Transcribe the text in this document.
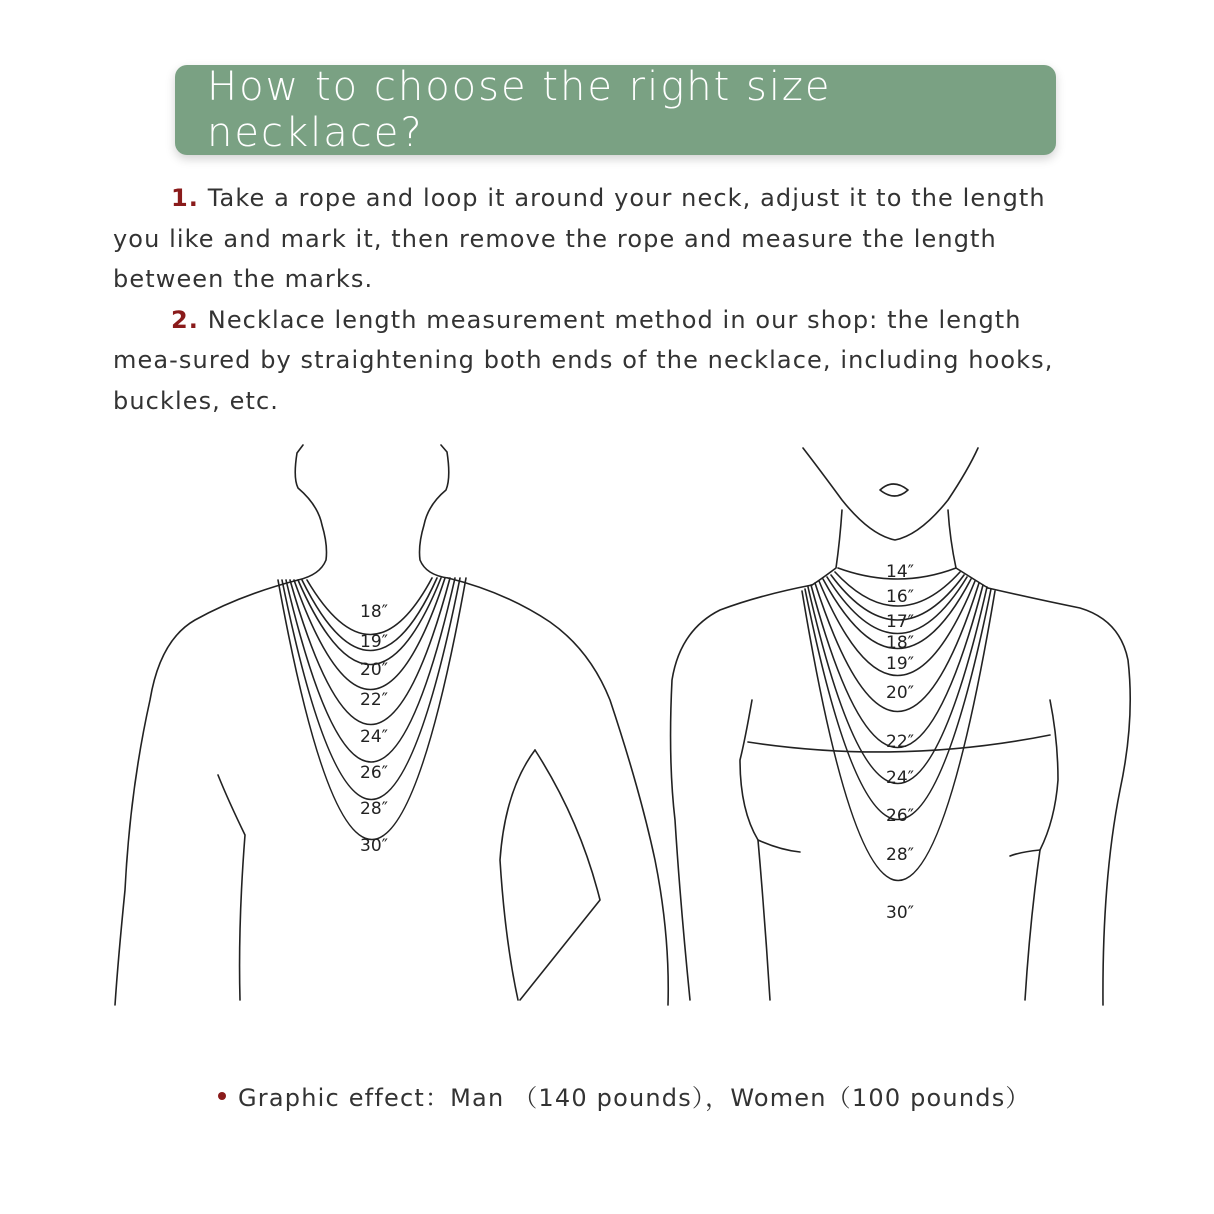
How to choose the right size necklace?

1. Take a rope and loop it around your neck, adjust it to the length you like and mark it, then remove the rope and measure the length between the marks.

2. Necklace length measurement method in our shop: the length mea-sured by straightening both ends of the necklace, including hooks, buckles, etc.

18″
19″
20″
22″
24″
26″
28″
30″
14″
16″
17″
18″
19″
20″
22″
24″
26″
28″
30″
Graphic effect：Man （140 pounds），Women（100 pounds）
